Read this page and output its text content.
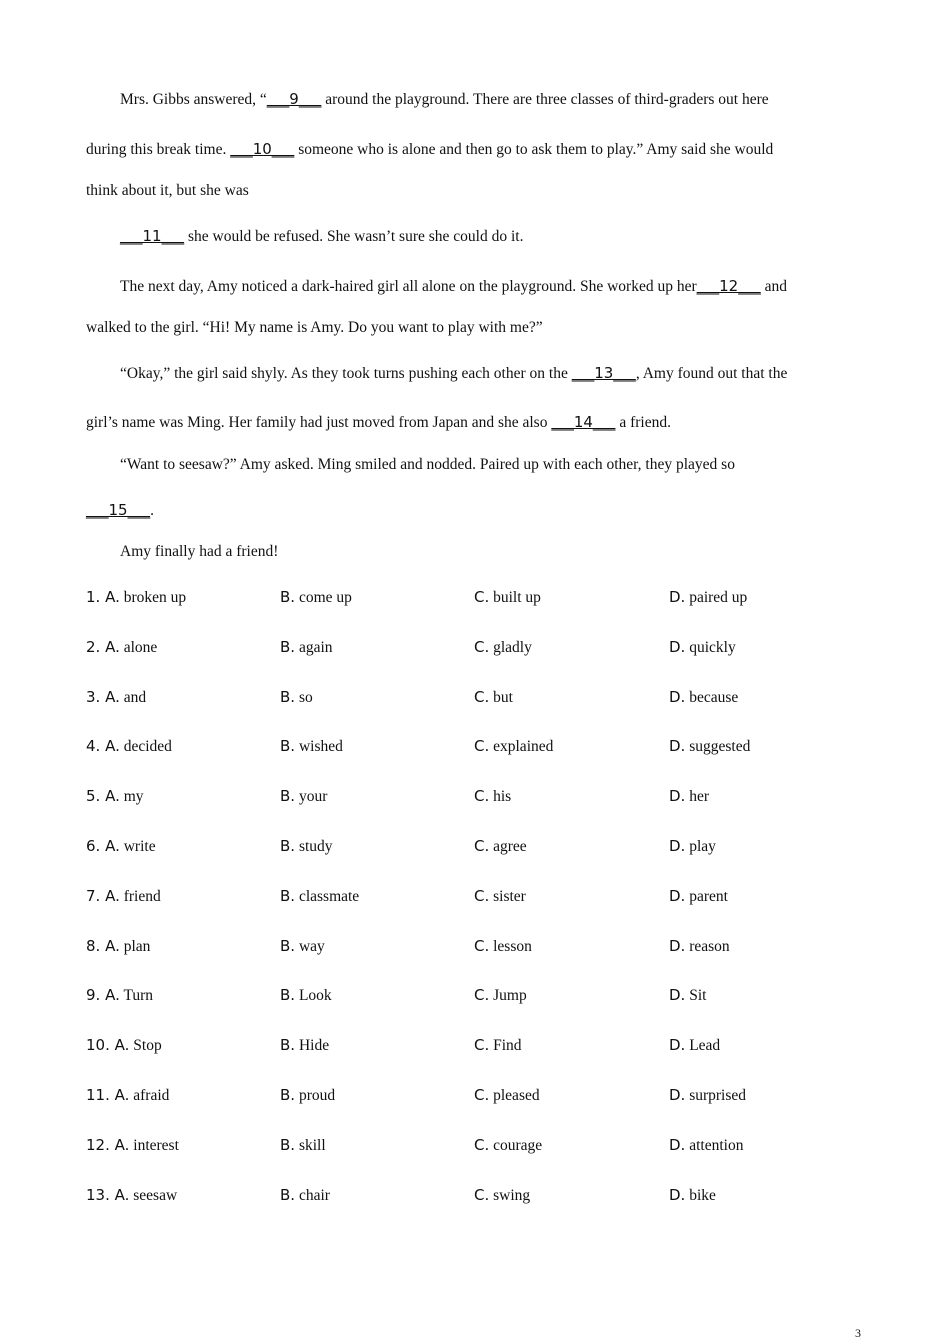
Mrs. Gibbs answered, “___9___ around the playground. There are three classes of third-graders out here
during this break time. ___10___ someone who is alone and then go to ask them to play.” Amy said she would
think about it, but she was
___11___ she would be refused. She wasn’t sure she could do it.
The next day, Amy noticed a dark-haired girl all alone on the playground. She worked up her___12___ and
walked to the girl. “Hi! My name is Amy. Do you want to play with me?”
“Okay,” the girl said shyly. As they took turns pushing each other on the ___13___, Amy found out that the
girl’s name was Ming. Her family had just moved from Japan and she also ___14___ a friend.
“Want to seesaw?” Amy asked. Ming smiled and nodded. Paired up with each other, they played so
___15___.
Amy finally had a friend!
1. A. broken up	B. come up	C. built up	D. paired up
2. A. alone	B. again	C. gladly	D. quickly
3. A. and	B. so	C. but	D. because
4. A. decided	B. wished	C. explained	D. suggested
5. A. my	B. your	C. his	D. her
6. A. write	B. study	C. agree	D. play
7. A. friend	B. classmate	C. sister	D. parent
8. A. plan	B. way	C. lesson	D. reason
9. A. Turn	B. Look	C. Jump	D. Sit
10. A. Stop	B. Hide	C. Find	D. Lead
11. A. afraid	B. proud	C. pleased	D. surprised
12. A. interest	B. skill	C. courage	D. attention
13. A. seesaw	B. chair	C. swing	D. bike
3
